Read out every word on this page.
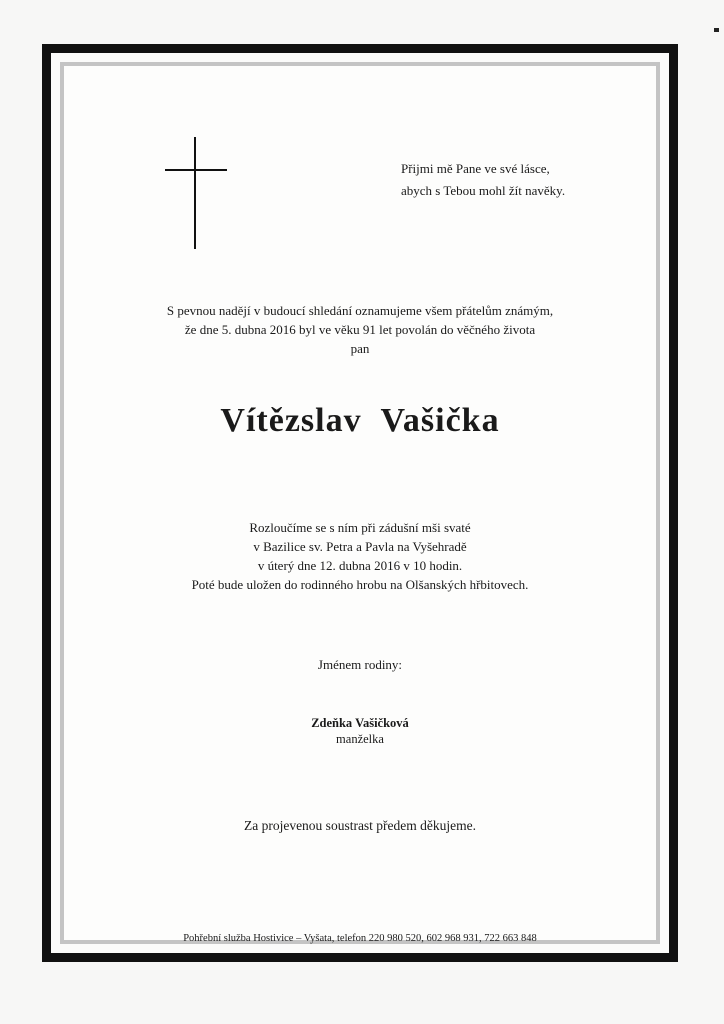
Přijmi mě Pane ve své lásce,
abych s Tebou mohl žít navěky.
S pevnou nadějí v budoucí shledání oznamujeme všem přátelům známým,
že dne 5. dubna 2016 byl ve věku 91 let povolán do věčného života
pan
Vítězslav Vašička
Rozloučíme se s ním při zádušní mši svaté
v Bazilice sv. Petra a Pavla na Vyšehradě
v úterý dne 12. dubna 2016 v 10 hodin.
Poté bude uložen do rodinného hrobu na Olšanských hřbitovech.
Jménem rodiny:
Zdeňka Vašičková
manželka
Za projevenou soustrast předem děkujeme.
Pohřební služba Hostivice – Vyšata, telefon 220 980 520, 602 968 931, 722 663 848
